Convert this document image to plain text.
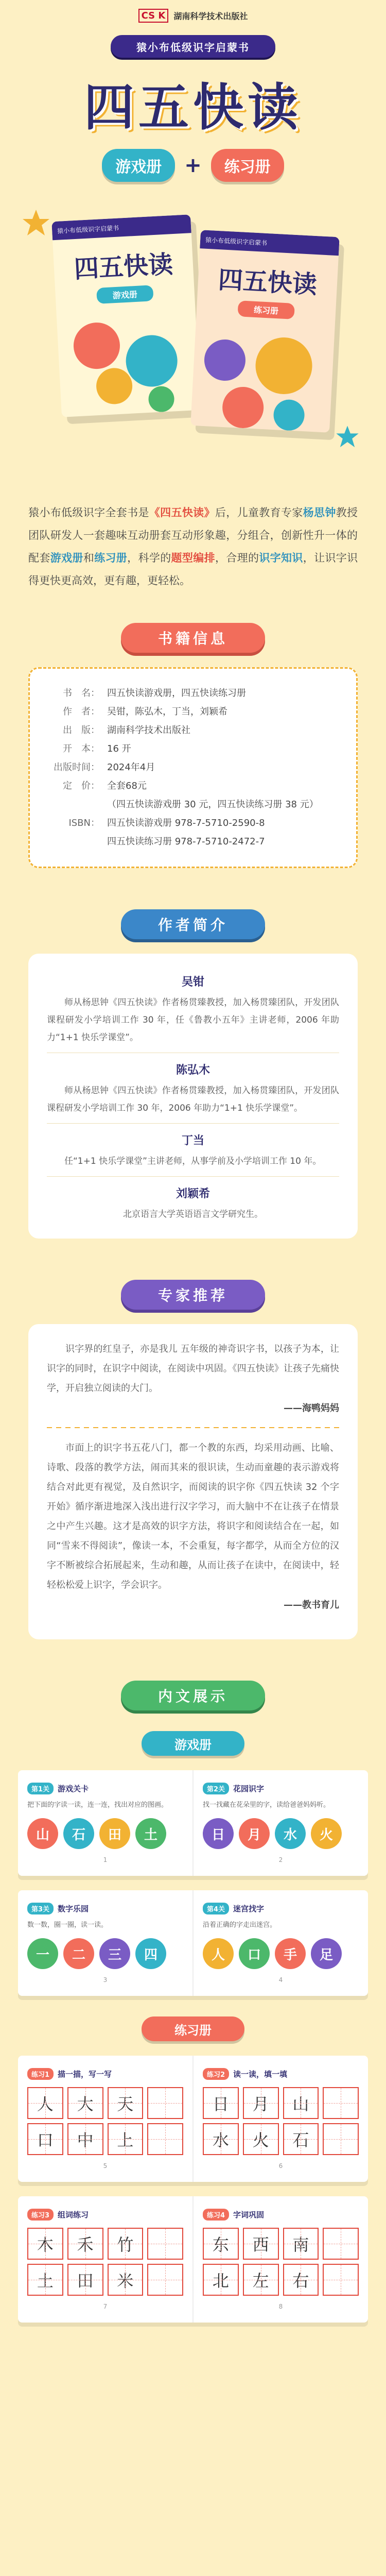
CS K	湖南科学技术出版社
猿小布低级识字启蒙书
四五快读
游戏册	+	练习册
猿小布低级识字启蒙书
四五快读
游戏册
猿小布低级识字启蒙书
四五快读
练习册
猿小布低级识字全套书是《四五快读》后，儿童教育专家杨思钟教授团队研发人一套趣味互动册套互动形象趣，分组合，创新性升一体的配套游戏册和练习册，科学的题型编排，合理的识字知识，让识字识得更快更高效，更有趣，更轻松。
书籍信息
书　名： 四五快读游戏册，四五快读练习册
作　者： 吴钳，陈弘木，丁当，刘颖希
出　版： 湖南科学技术出版社
开　本： 16 开
出版时间： 2024年4月
定　价： 全套68元
（四五快读游戏册 30 元，四五快读练习册 38 元）
ISBN： 四五快读游戏册 978-7-5710-2590-8
四五快读练习册 978-7-5710-2472-7
作者简介
吴钳
师从杨思钟《四五快读》作者杨贯臻教授，加入杨贯臻团队，开发团队课程研发小学培训工作 30 年，任《鲁教小五年》主讲老师，2006 年助力“1+1 快乐学课堂”。
陈弘木
师从杨思钟《四五快读》作者杨贯臻教授，加入杨贯臻团队，开发团队课程研发小学培训工作 30 年，2006 年助力“1+1 快乐学课堂”。
丁当
任“1+1 快乐学课堂”主讲老师，从事学前及小学培训工作 10 年。
刘颖希
北京语言大学英语语言文学研究生。
专家推荐
识字界的红皇子，亦是我儿 五年级的神奇识字书，以孩子为本，让识字的同时，在识字中阅读，在阅读中巩固。《四五快读》让孩子先痛快学，开启独立阅读的大门。
——海鸭妈妈
市面上的识字书五花八门，都一个教的东西，均采用动画、比喻、诗歌、段落的教学方法，闹而其来的很识读，生动而童趣的表示游戏将结合对此更有视觉，及自然识字，而阅读的识字你《四五快读 32 个字开始》循序渐进地深入浅出进行汉字学习，而大脑中不在让孩子在情景之中产生兴趣。这才是高效的识字方法，将识字和阅读结合在一起，如同“雪来不得阅读”，像读一本，不会重复，每字都学，从而全方位的汉字不断被综合拓展起来，生动和趣，从而让孩子在读中，在阅读中，轻轻松松爱上识字，学会识字。
——教书育儿
内文展示
游戏册
第1关	游戏关卡
把下面的字读一读，连一连，找出对应的图画。
山	石	田	土
1
第2关	花园识字
找一找藏在花朵里的字，读给爸爸妈妈听。
日	月	水	火
2
第3关	数字乐园
数一数，圈一圈，读一读。
一	二	三	四
3
第4关	迷宫找字
沿着正确的字走出迷宫。
人	口	手	足
4
练习册
练习1	描一描，写一写
人	大	天
口	中	上
5
练习2	读一读，填一填
日	月	山
水	火	石
6
练习3	组词练习
木	禾	竹
土	田	米
7
练习4	字词巩固
东	西	南
北	左	右
8
